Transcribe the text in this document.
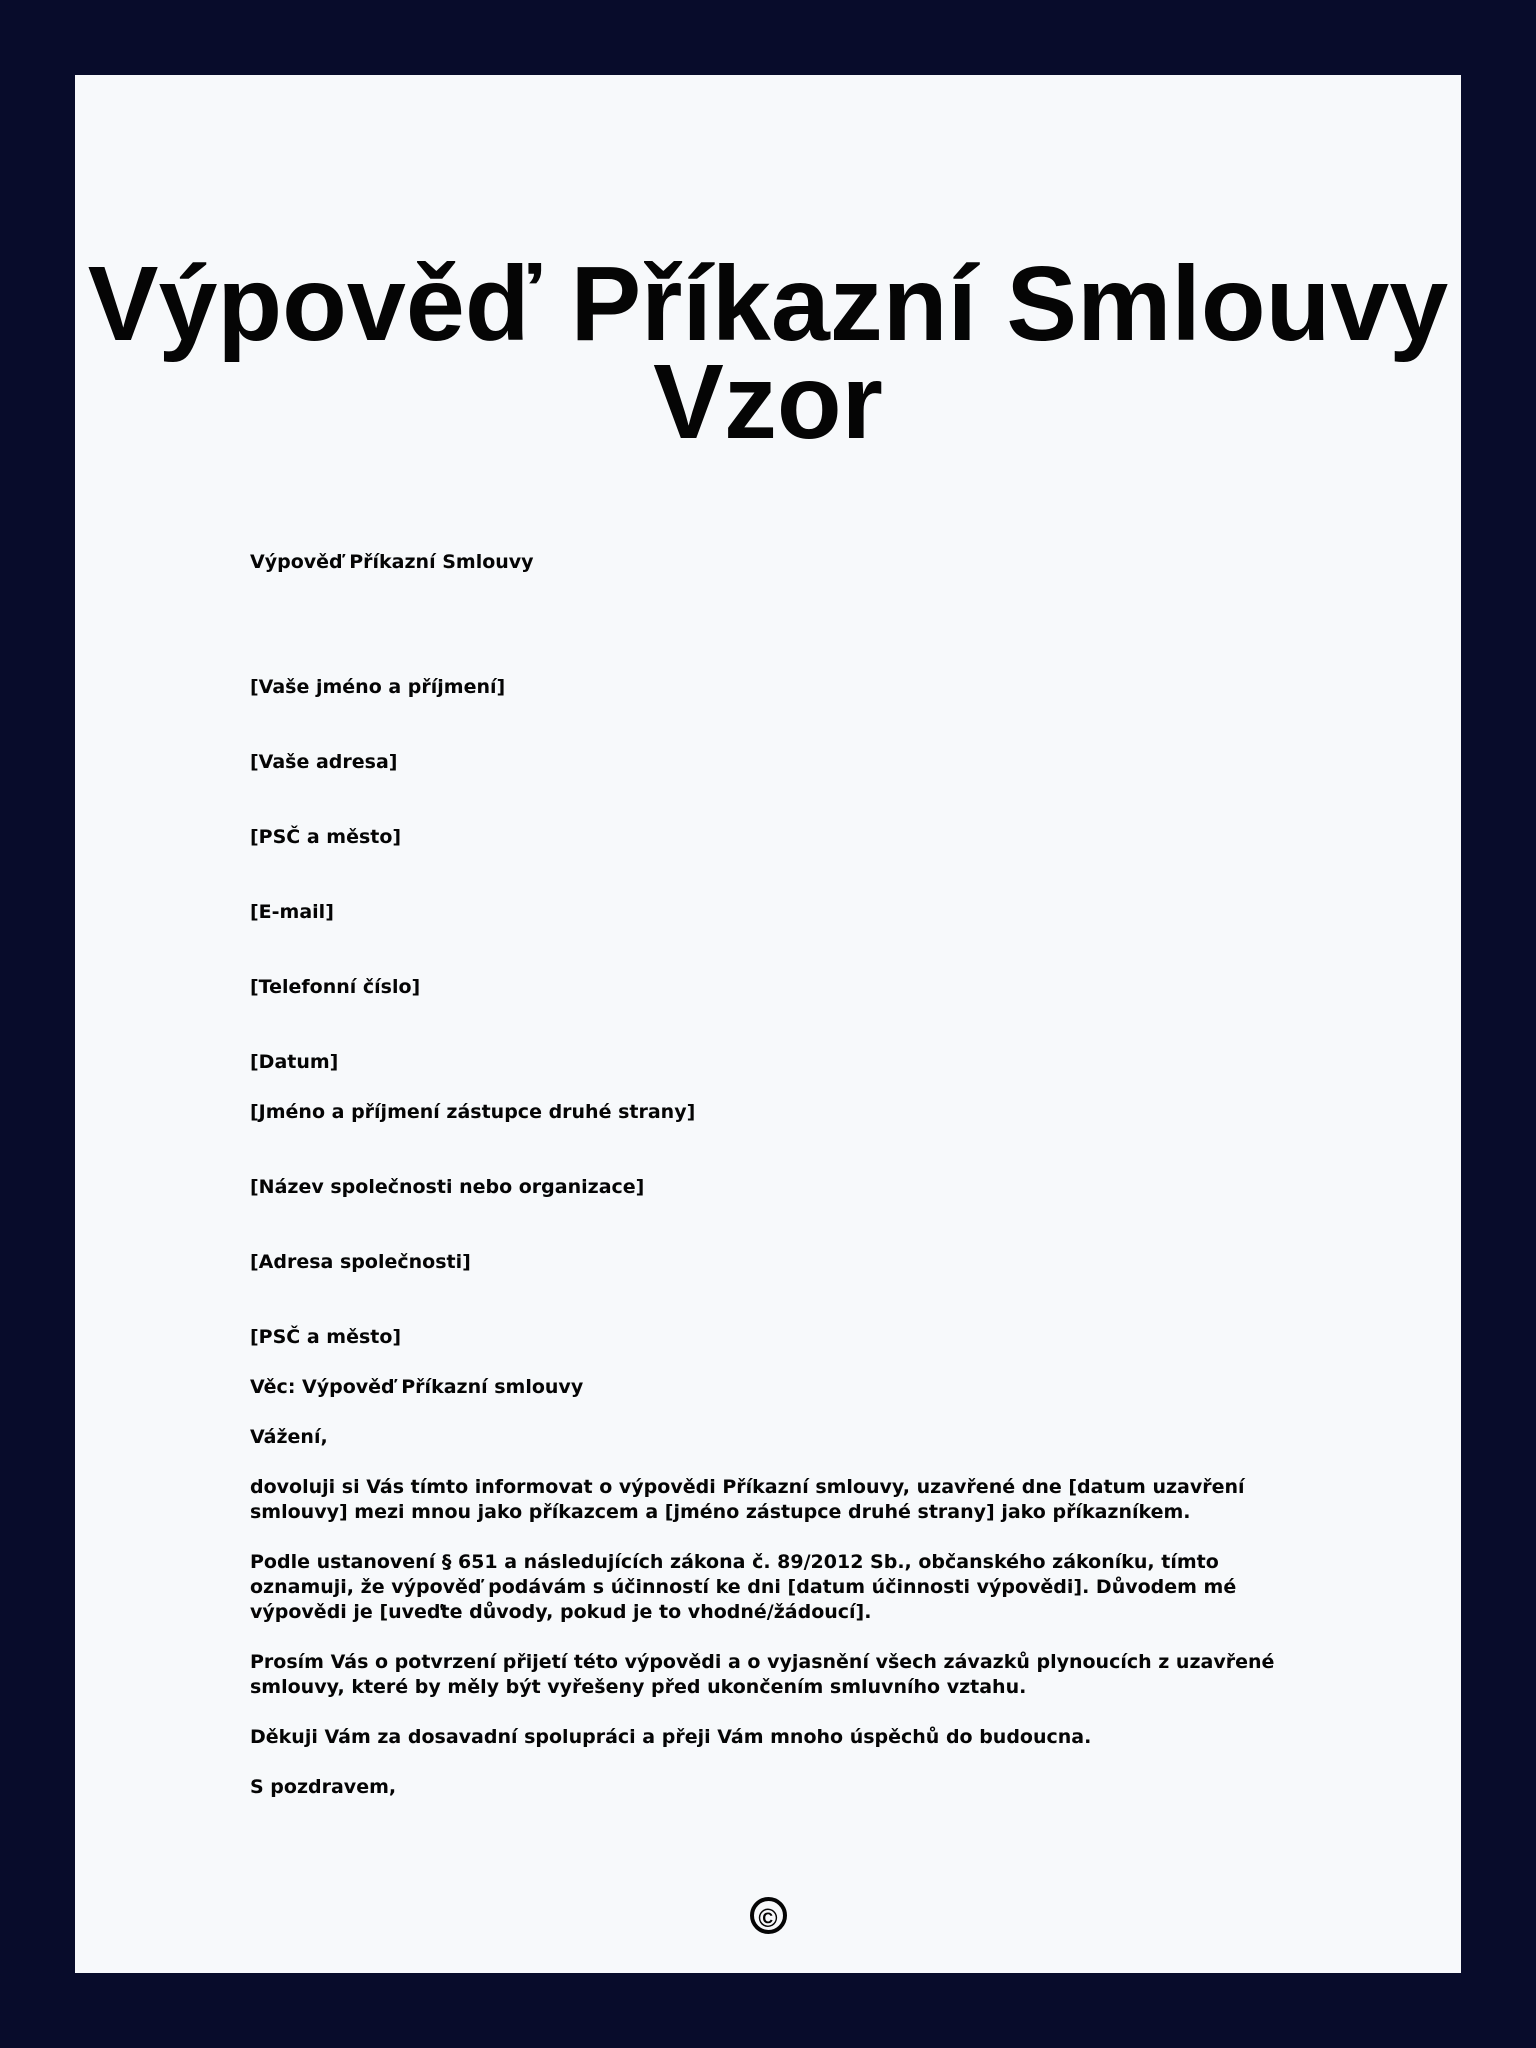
Výpověď Příkazní Smlouvy Vzor
Výpověď Příkazní Smlouvy
[Vaše jméno a příjmení]
[Vaše adresa]
[PSČ a město]
[E-mail]
[Telefonní číslo]
[Datum]
[Jméno a příjmení zástupce druhé strany]
[Název společnosti nebo organizace]
[Adresa společnosti]
[PSČ a město]
Věc: Výpověď Příkazní smlouvy
Vážení,

dovoluji si Vás tímto informovat o výpovědi Příkazní smlouvy, uzavřené dne [datum uzavření smlouvy] mezi mnou jako příkazcem a [jméno zástupce druhé strany] jako příkazníkem.

Podle ustanovení § 651 a následujících zákona č. 89/2012 Sb., občanského zákoníku, tímto oznamuji, že výpověď podávám s účinností ke dni [datum účinnosti výpovědi]. Důvodem mé výpovědi je [uveďte důvody, pokud je to vhodné/žádoucí].

Prosím Vás o potvrzení přijetí této výpovědi a o vyjasnění všech závazků plynoucích z uzavřené smlouvy, které by měly být vyřešeny před ukončením smluvního vztahu.

Děkuji Vám za dosavadní spolupráci a přeji Vám mnoho úspěchů do budoucna.

S pozdravem,
©
